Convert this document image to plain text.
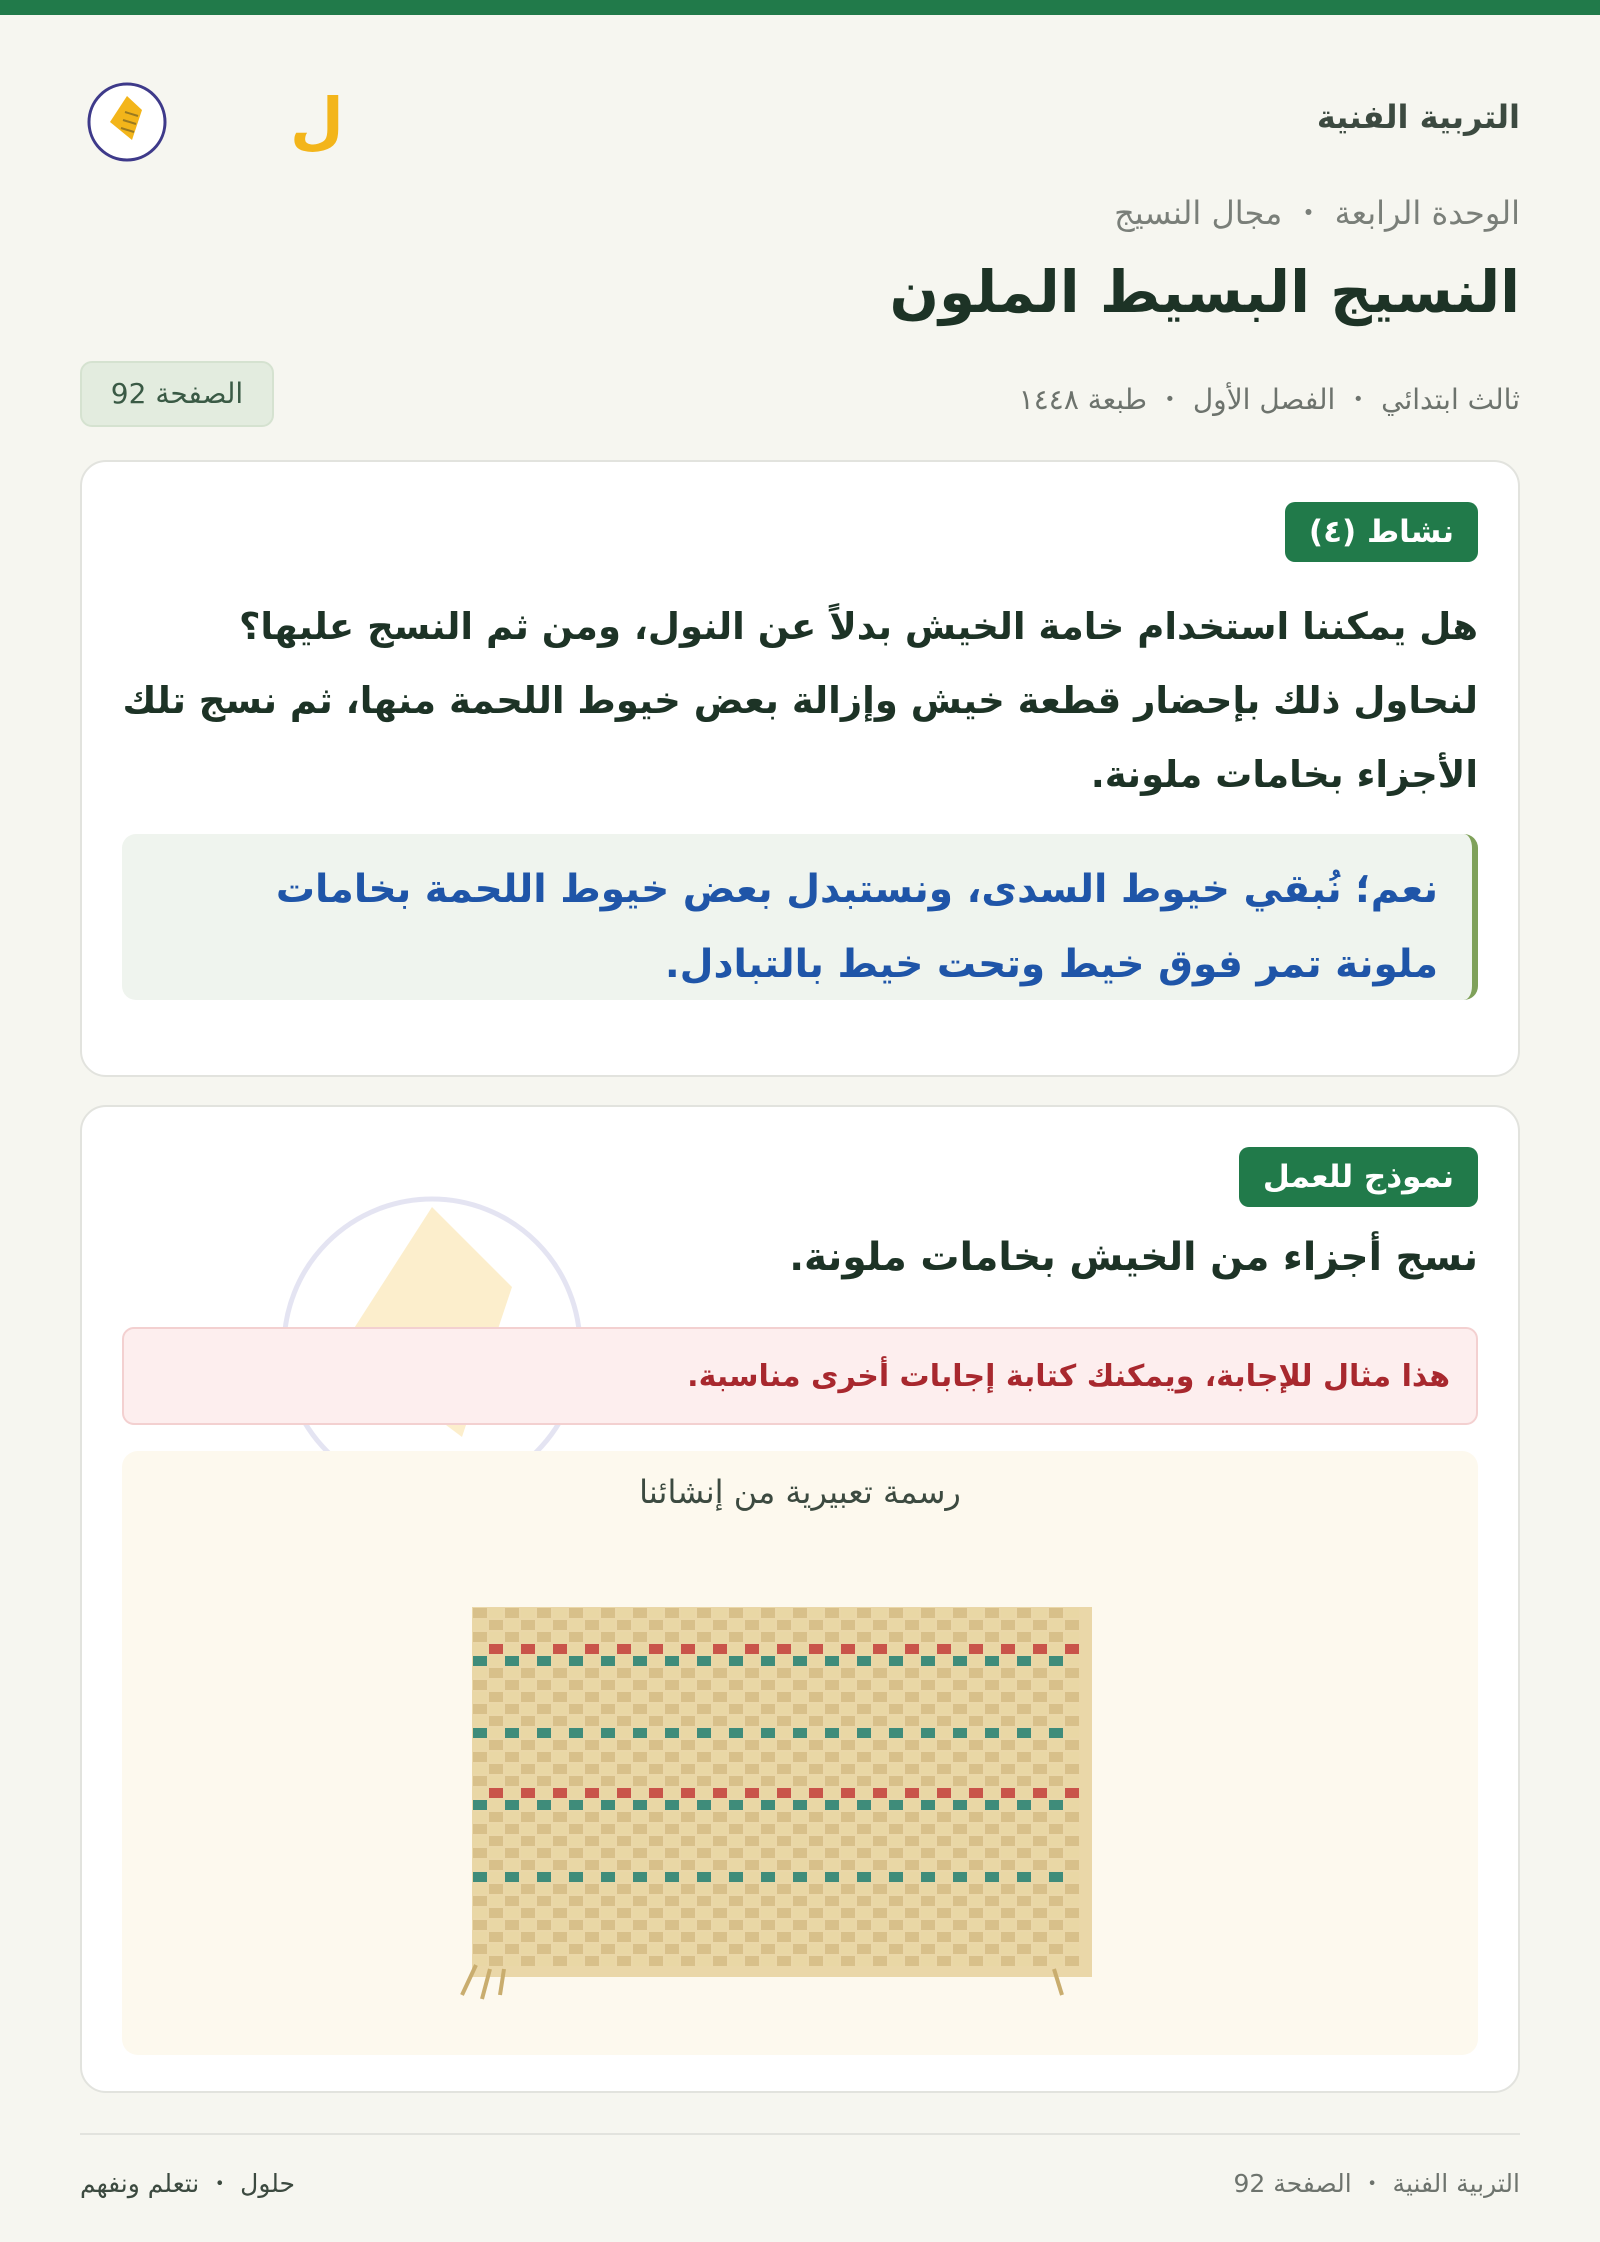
ل	التربية الفنية
الوحدة الرابعة ・ مجال النسيج
النسيج البسيط الملون
ثالث ابتدائي ・ الفصل الأول ・ طبعة ١٤٤٨
الصفحة 92
نشاط (٤)
هل يمكننا استخدام خامة الخيش بدلاً عن النول، ومن ثم النسج عليها؟ لنحاول ذلك بإحضار قطعة خيش وإزالة بعض خيوط اللحمة منها، ثم نسج تلك الأجزاء بخامات ملونة.
نعم؛ نُبقي خيوط السدى، ونستبدل بعض خيوط اللحمة بخامات ملونة تمر فوق خيط وتحت خيط بالتبادل.
نموذج للعمل
نسج أجزاء من الخيش بخامات ملونة.
هذا مثال للإجابة، ويمكنك كتابة إجابات أخرى مناسبة.
رسمة تعبيرية من إنشائنا
التربية الفنية ・ الصفحة 92
حلول ・ نتعلم ونفهم
